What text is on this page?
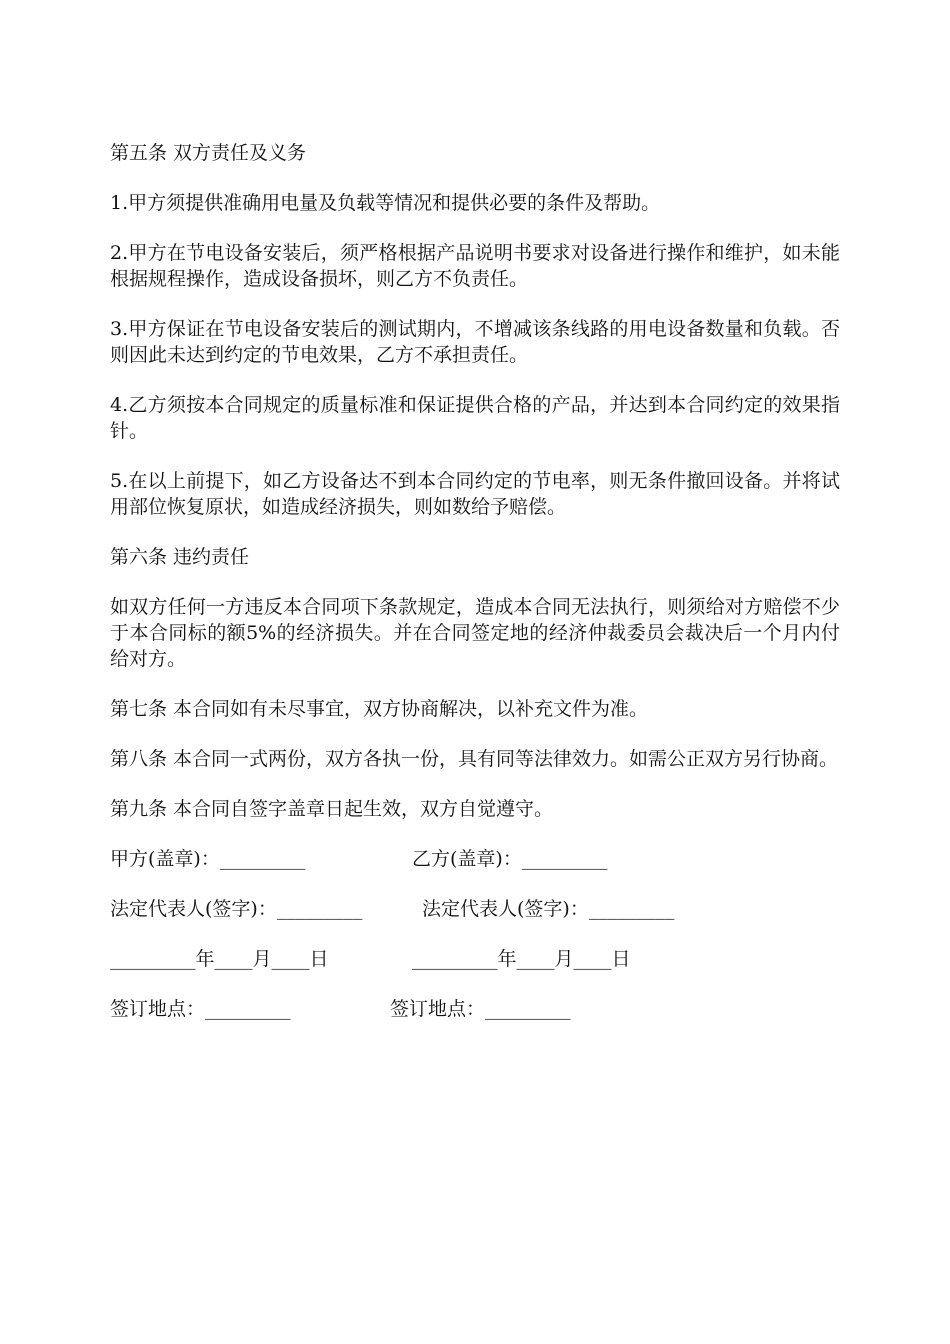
第五条 双方责任及义务
1.甲方须提供准确用电量及负载等情况和提供必要的条件及帮助。
2.甲方在节电设备安装后，须严格根据产品说明书要求对设备进行操作和维护，如未能根据规程操作，造成设备损坏，则乙方不负责任。
3.甲方保证在节电设备安装后的测试期内，不增减该条线路的用电设备数量和负载。否则因此未达到约定的节电效果，乙方不承担责任。
4.乙方须按本合同规定的质量标准和保证提供合格的产品，并达到本合同约定的效果指针。
5.在以上前提下，如乙方设备达不到本合同约定的节电率，则无条件撤回设备。并将试用部位恢复原状，如造成经济损失，则如数给予赔偿。
第六条 违约责任
如双方任何一方违反本合同项下条款规定，造成本合同无法执行，则须给对方赔偿不少于本合同标的额5%的经济损失。并在合同签定地的经济仲裁委员会裁决后一个月内付给对方。
第七条 本合同如有未尽事宜，双方协商解决，以补充文件为准。
第八条 本合同一式两份，双方各执一份，具有同等法律效力。如需公正双方另行协商。
第九条 本合同自签字盖章日起生效，双方自觉遵守。
甲方(盖章)：_________	乙方(盖章)：_________
法定代表人(签字)：_________	法定代表人(签字)：_________
_________年____月____日	_________年____月____日
签订地点：_________	签订地点：_________
